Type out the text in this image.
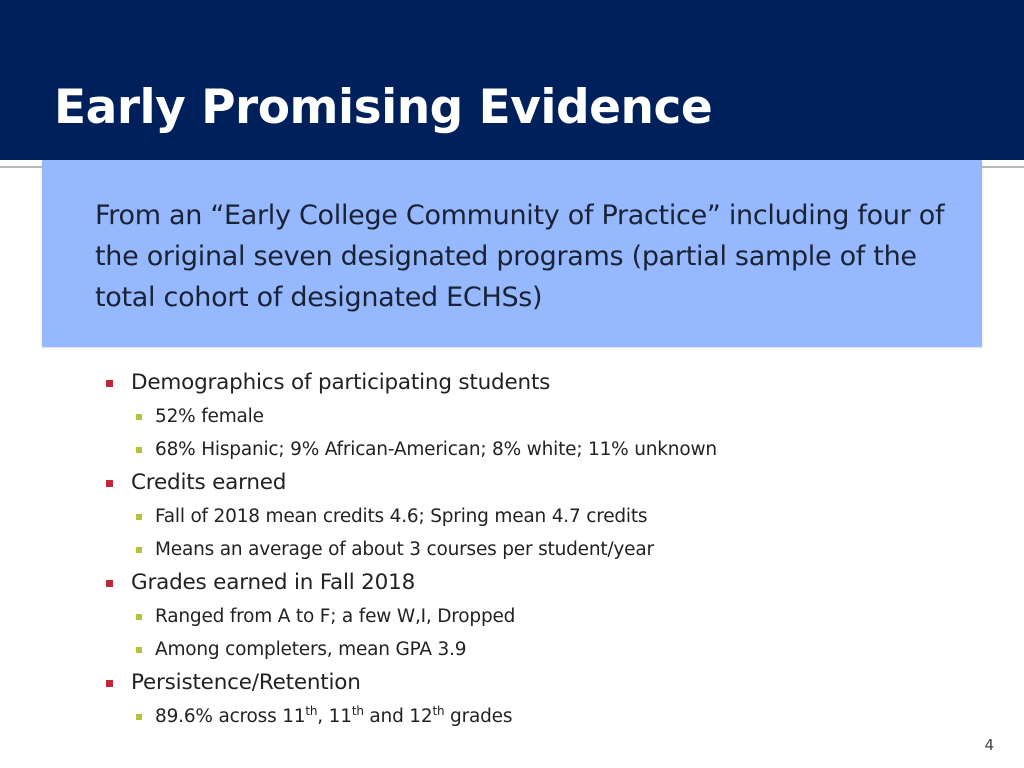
Early Promising Evidence
From an “Early College Community of Practice” including four of the original seven designated programs (partial sample of the total cohort of designated ECHSs)
Demographics of participating students
52% female
68% Hispanic; 9% African-American; 8% white; 11% unknown
Credits earned
Fall of 2018 mean credits 4.6; Spring mean 4.7 credits
Means an average of about 3 courses per student/year
Grades earned in Fall 2018
Ranged from A to F; a few W,I, Dropped
Among completers, mean GPA 3.9
Persistence/Retention
89.6% across 11th, 11th and 12th grades
4
